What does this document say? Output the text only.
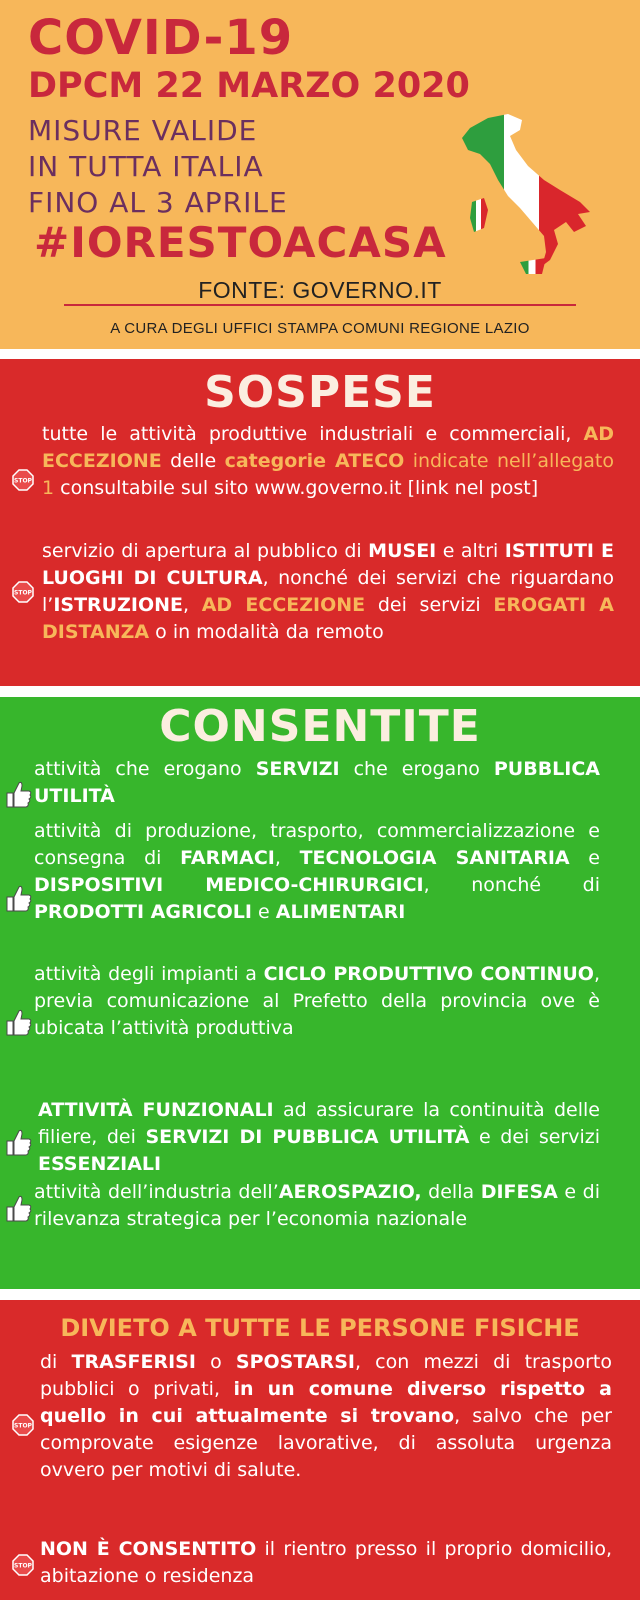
COVID-19
DPCM 22 MARZO 2020
MISURE VALIDE
IN TUTTA ITALIA
FINO AL 3 APRILE
#IORESTOACASA
FONTE: GOVERNO.IT
A CURA DEGLI UFFICI STAMPA COMUNI REGIONE LAZIO
SOSPESE
STOP
tutte le attività produttive industriali e commerciali, AD ECCEZIONE delle categorie ATECO indicate nell’allegato 1 consultabile sul sito www.governo.it [link nel post]
STOP
servizio di apertura al pubblico di MUSEI e altri ISTITUTI E LUOGHI DI CULTURA, nonché dei servizi che riguardano l’ISTRUZIONE, AD ECCEZIONE dei servizi EROGATI A DISTANZA o in modalità da remoto
CONSENTITE
attività che erogano SERVIZI che erogano PUBBLICA UTILITÀ
attività di produzione, trasporto, commercializzazione e consegna di FARMACI, TECNOLOGIA SANITARIA e DISPOSITIVI MEDICO-CHIRURGICI, nonché di PRODOTTI AGRICOLI e ALIMENTARI
attività degli impianti a CICLO PRODUTTIVO CONTINUO, previa comunicazione al Prefetto della provincia ove è ubicata l’attività produttiva
ATTIVITÀ FUNZIONALI ad assicurare la continuità delle filiere, dei SERVIZI DI PUBBLICA UTILITÀ e dei servizi ESSENZIALI
attività dell’industria dell’AEROSPAZIO, della DIFESA e di rilevanza strategica per l’economia nazionale
DIVIETO A TUTTE LE PERSONE FISICHE
STOP
di TRASFERISI o SPOSTARSI, con mezzi di trasporto pubblici o privati, in un comune diverso rispetto a quello in cui attualmente si trovano, salvo che per comprovate esigenze lavorative, di assoluta urgenza ovvero per motivi di salute.
STOP
NON È CONSENTITO il rientro presso il proprio domicilio, abitazione o residenza
